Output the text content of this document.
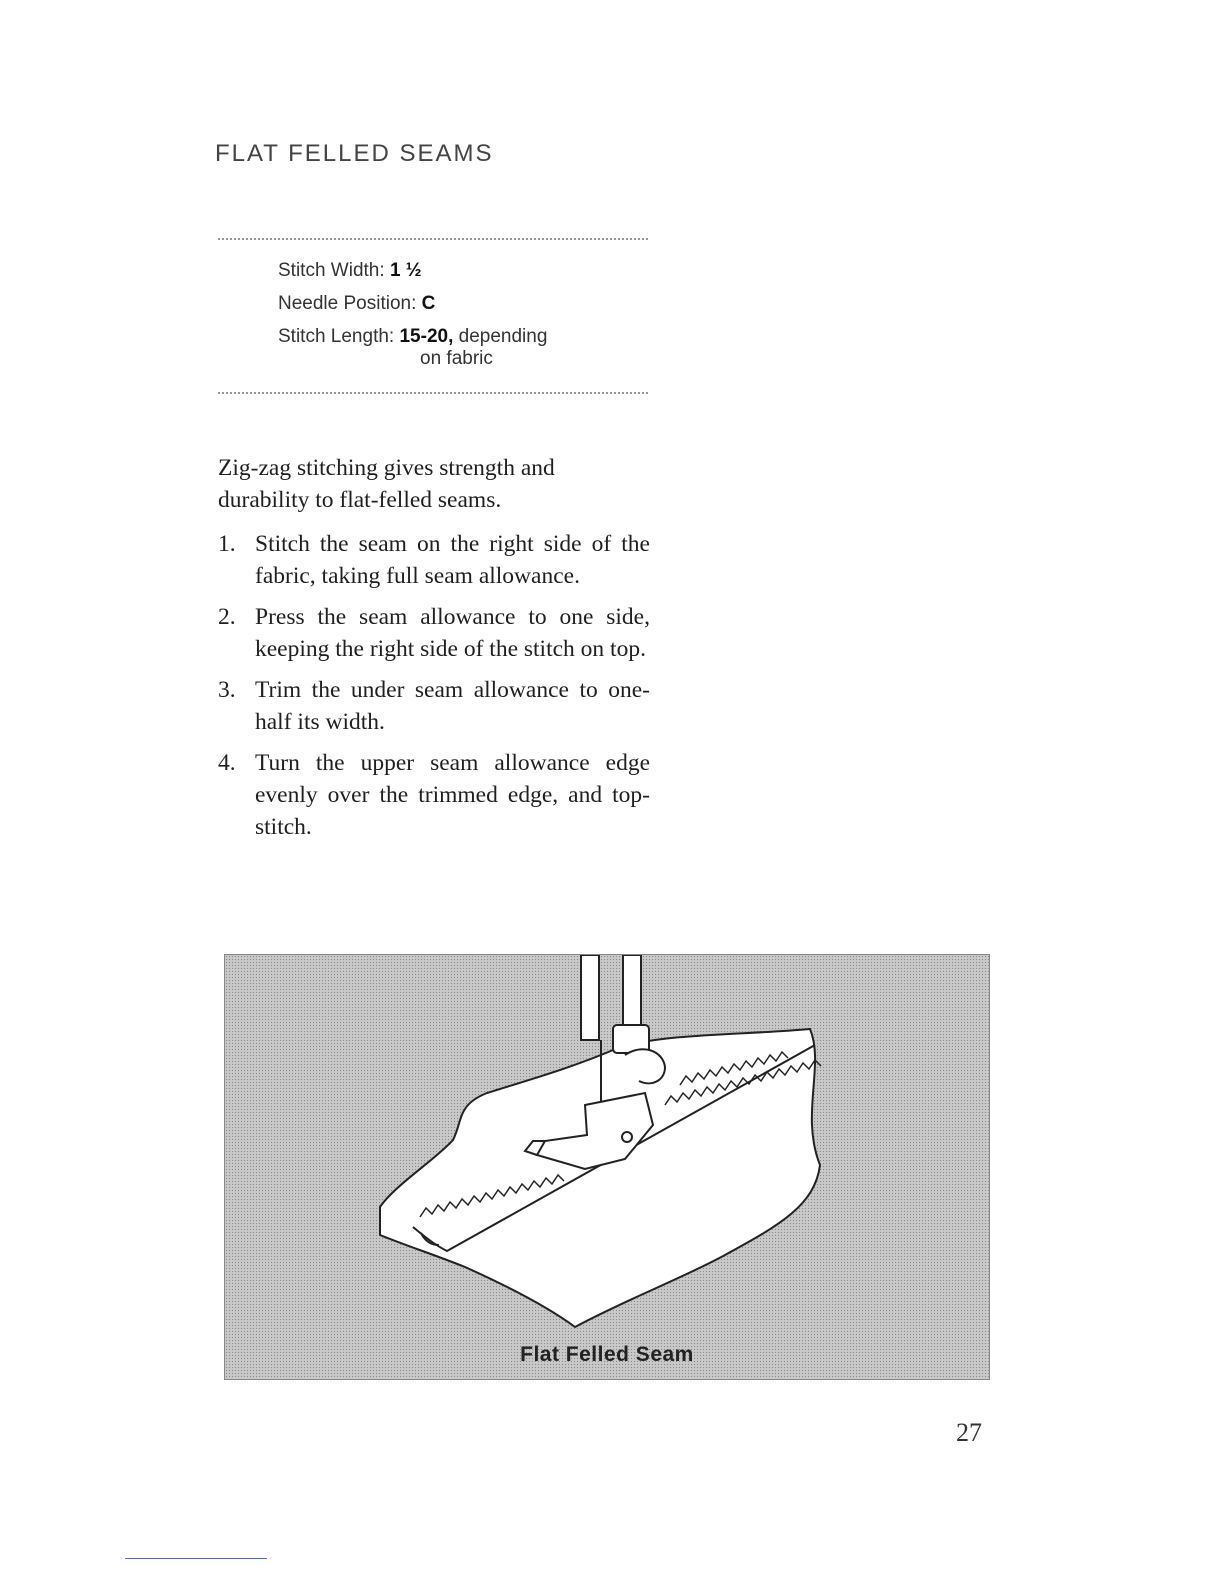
FLAT FELLED SEAMS
Stitch Width: 1 ½
Needle Position: C
Stitch Length: 15-20, depending
on fabric

Zig-zag stitching gives strength and durability to flat-felled seams.

1. Stitch the seam on the right side of the fabric, taking full seam allowance.
2. Press the seam allowance to one side, keeping the right side of the stitch on top.
3. Trim the under seam allowance to one-half its width.
4. Turn the upper seam allowance edge evenly over the trimmed edge, and top-stitch.
Flat Felled Seam
27
